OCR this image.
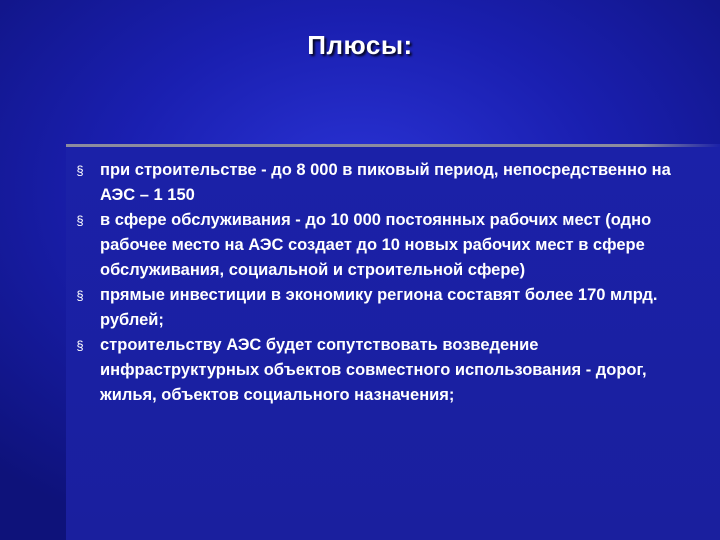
Плюсы:
§ при строительстве - до 8 000 в пиковый период, непосредственно на АЭС – 1 150
§ в сфере обслуживания - до 10 000 постоянных рабочих мест (одно рабочее место на АЭС создает до 10 новых рабочих мест в сфере обслуживания, социальной и строительной сфере)
§ прямые инвестиции в экономику региона составят более 170 млрд. рублей;
§ строительству АЭС будет сопутствовать возведение инфраструктурных объектов совместного использования - дорог, жилья, объектов социального назначения;
